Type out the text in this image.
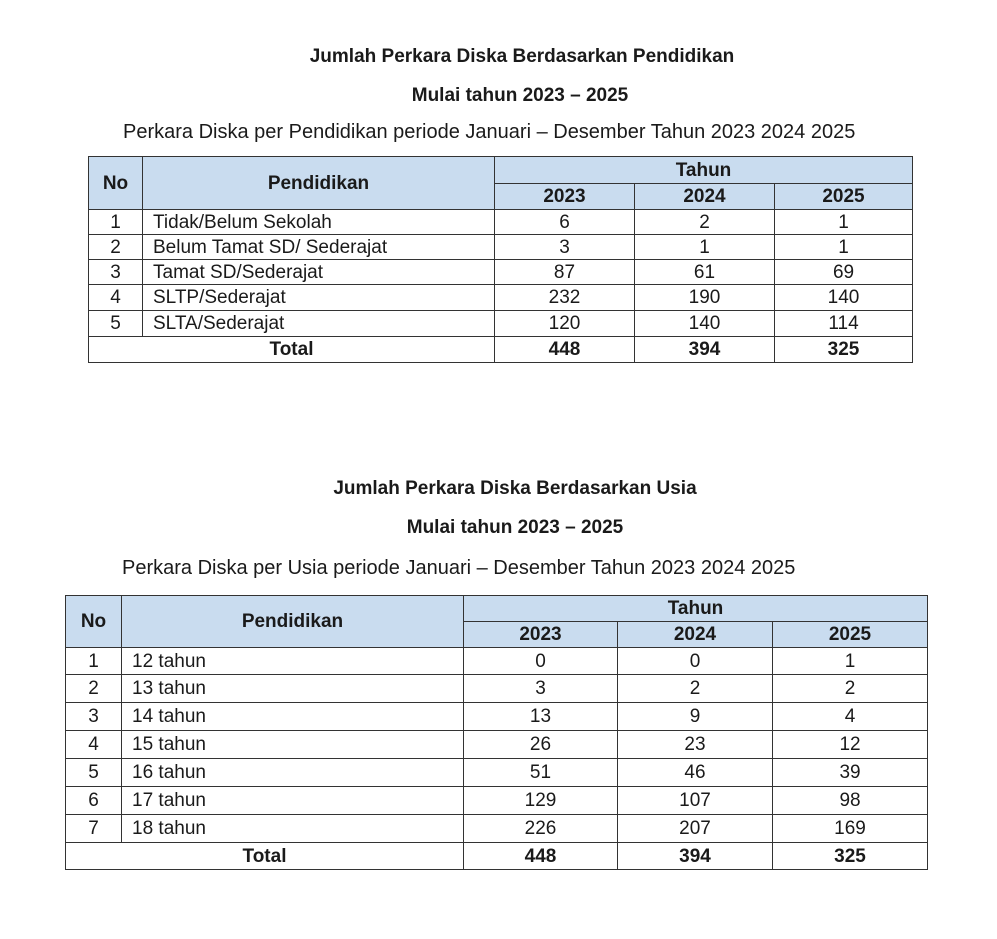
Jumlah Perkara Diska Berdasarkan Pendidikan
Mulai tahun 2023 – 2025
Perkara Diska per Pendidikan periode Januari – Desember Tahun 2023 2024 2025
No	Pendidikan	Tahun		
		2023	2024	2025
1	Tidak/Belum Sekolah	6	2	1
2	Belum Tamat SD/ Sederajat	3	1	1
3	Tamat SD/Sederajat	87	61	69
4	SLTP/Sederajat	232	190	140
5	SLTA/Sederajat	120	140	114
Total		448	394	325
Jumlah Perkara Diska Berdasarkan Usia
Mulai tahun 2023 – 2025
Perkara Diska per Usia periode Januari – Desember Tahun 2023 2024 2025
No	Pendidikan	Tahun		
		2023	2024	2025
1	12 tahun	0	0	1
2	13 tahun	3	2	2
3	14 tahun	13	9	4
4	15 tahun	26	23	12
5	16 tahun	51	46	39
6	17 tahun	129	107	98
7	18 tahun	226	207	169
Total		448	394	325
